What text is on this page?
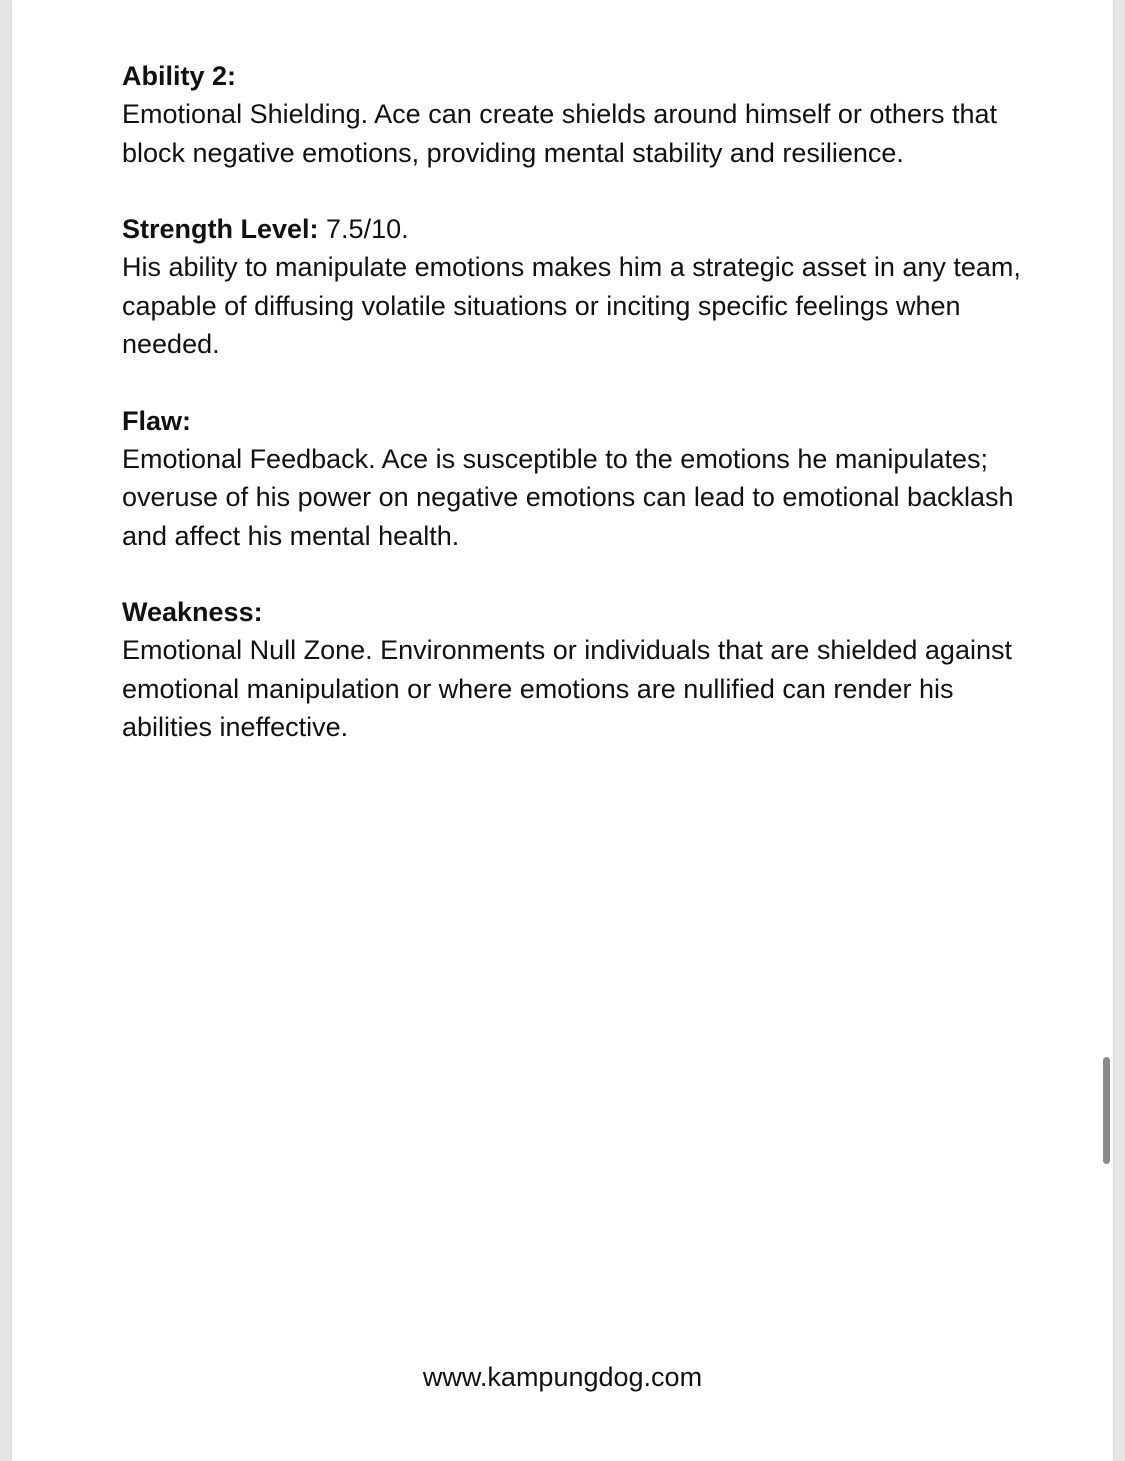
Ability 2:
Emotional Shielding. Ace can create shields around himself or others that block negative emotions, providing mental stability and resilience.
Strength Level: 7.5/10.
His ability to manipulate emotions makes him a strategic asset in any team, capable of diffusing volatile situations or inciting specific feelings when needed.
Flaw:
Emotional Feedback. Ace is susceptible to the emotions he manipulates; overuse of his power on negative emotions can lead to emotional backlash and affect his mental health.
Weakness:
Emotional Null Zone. Environments or individuals that are shielded against emotional manipulation or where emotions are nullified can render his abilities ineffective.
www.kampungdog.com
